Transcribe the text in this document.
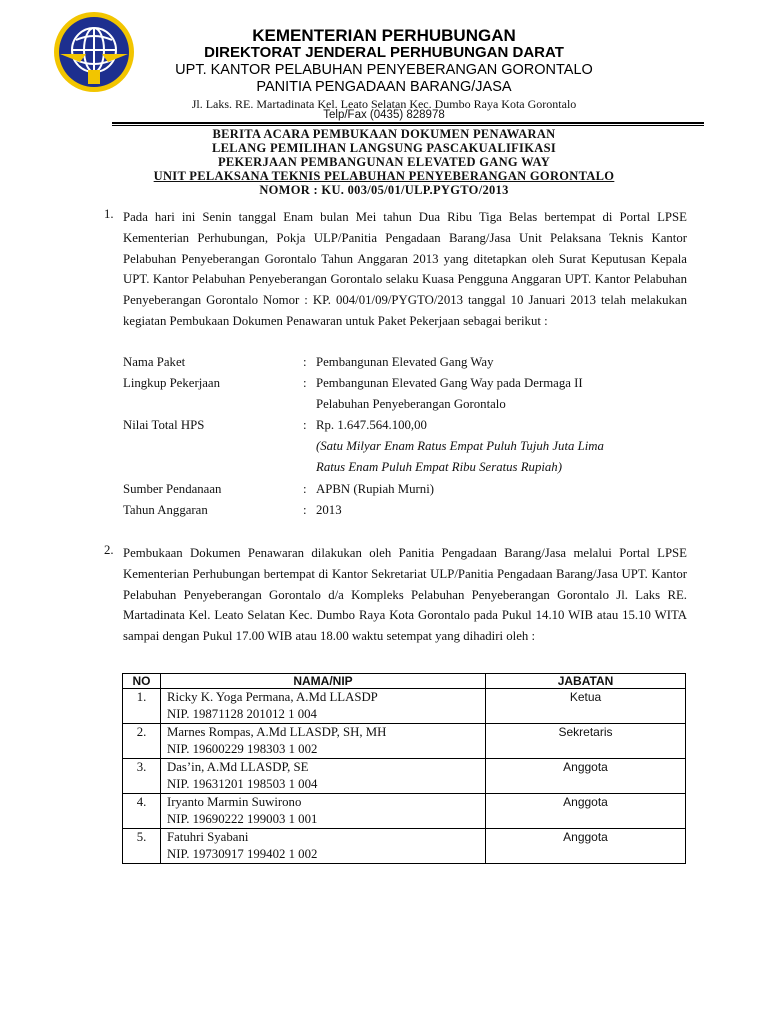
KEMENTERIAN PERHUBUNGAN
DIREKTORAT JENDERAL PERHUBUNGAN DARAT
UPT. KANTOR PELABUHAN PENYEBERANGAN GORONTALO
PANITIA PENGADAAN BARANG/JASA
Jl. Laks. RE. Martadinata Kel. Leato Selatan Kec. Dumbo Raya Kota Gorontalo
Telp/Fax (0435) 828978
BERITA ACARA PEMBUKAAN DOKUMEN PENAWARAN
LELANG PEMILIHAN LANGSUNG PASCAKUALIFIKASI
PEKERJAAN PEMBANGUNAN ELEVATED GANG WAY
UNIT PELAKSANA TEKNIS PELABUHAN PENYEBERANGAN GORONTALO
NOMOR : KU. 003/05/01/ULP.PYGTO/2013
1. Pada hari ini Senin tanggal Enam bulan Mei tahun Dua Ribu Tiga Belas bertempat di Portal LPSE Kementerian Perhubungan, Pokja ULP/Panitia Pengadaan Barang/Jasa Unit Pelaksana Teknis Kantor Pelabuhan Penyeberangan Gorontalo Tahun Anggaran 2013 yang ditetapkan oleh Surat Keputusan Kepala UPT. Kantor Pelabuhan Penyeberangan Gorontalo selaku Kuasa Pengguna Anggaran UPT. Kantor Pelabuhan Penyeberangan Gorontalo Nomor : KP. 004/01/09/PYGTO/2013 tanggal 10 Januari 2013 telah melakukan kegiatan Pembukaan Dokumen Penawaran untuk Paket Pekerjaan sebagai berikut :
Nama Paket	: Pembangunan Elevated Gang Way
Lingkup Pekerjaan	: Pembangunan Elevated Gang Way pada Dermaga II
Pelabuhan Penyeberangan Gorontalo
Nilai Total HPS	: Rp. 1.647.564.100,00
(Satu Milyar Enam Ratus Empat Puluh Tujuh Juta Lima
Ratus Enam Puluh Empat Ribu Seratus Rupiah)
Sumber Pendanaan	: APBN (Rupiah Murni)
Tahun Anggaran	: 2013
2. Pembukaan Dokumen Penawaran dilakukan oleh Panitia Pengadaan Barang/Jasa melalui Portal LPSE Kementerian Perhubungan bertempat di Kantor Sekretariat ULP/Panitia Pengadaan Barang/Jasa UPT. Kantor Pelabuhan Penyeberangan Gorontalo d/a Kompleks Pelabuhan Penyeberangan Gorontalo Jl. Laks RE. Martadinata Kel. Leato Selatan Kec. Dumbo Raya Kota Gorontalo pada Pukul 14.10 WIB atau 15.10 WITA sampai dengan Pukul 17.00 WIB atau 18.00 waktu setempat yang dihadiri oleh :
NO	NAMA/NIP	JABATAN
1.	Ricky K. Yoga Permana, A.Md LLASDP
NIP. 19871128 201012 1 004
	Ketua
2.	Marnes Rompas, A.Md LLASDP, SH, MH
NIP. 19600229 198303 1 002
	Sekretaris
3.	Das’in, A.Md LLASDP, SE
NIP. 19631201 198503 1 004
	Anggota
4.	Iryanto Marmin Suwirono
NIP. 19690222 199003 1 001
	Anggota
5.	Fatuhri Syabani
NIP. 19730917 199402 1 002
	Anggota
